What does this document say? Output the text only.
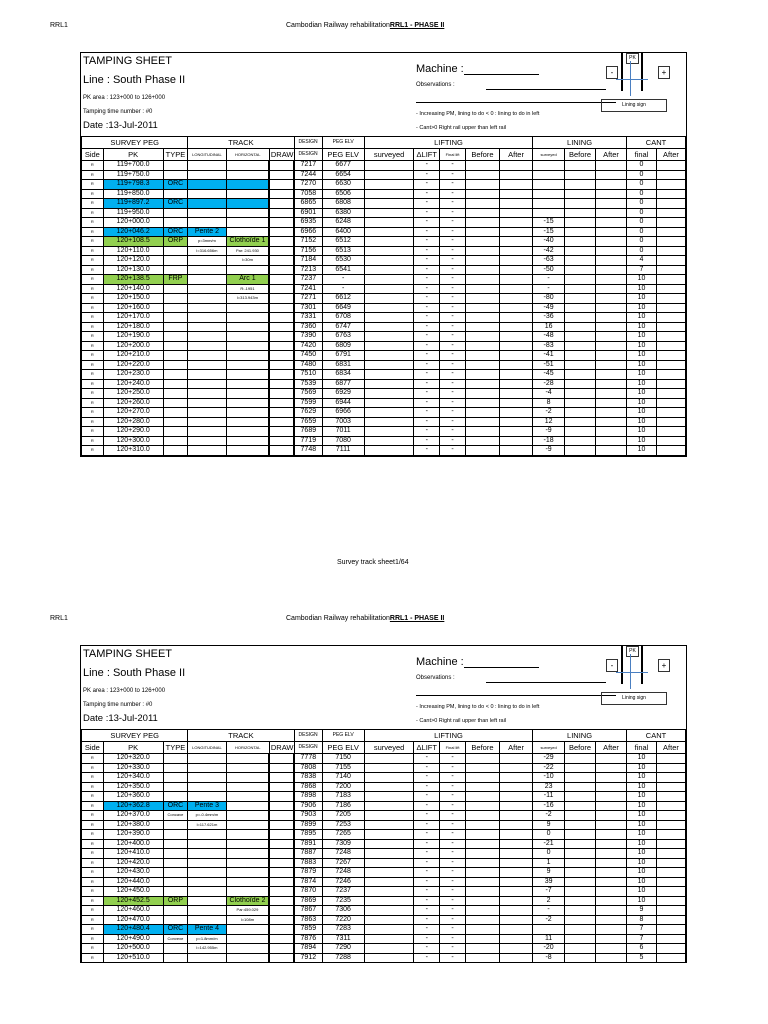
RRL1	Cambodian Railway rehabilitationRRL1 - PHASE II
TAMPING SHEET
Line : South Phase II
PK area : 123+000 to 126+000
Tamping time number : #0
Date :13-Jul-2011
Machine :
Observations :
- Increasing PM, lining to do < 0 : lining to do in left
- Cant>0 Right rail upper than left rail
-	+
PK
Lining sign
SURVEY PEG			TRACK			DESIGN	PEG ELV	LIFTING					LINING			CANT	
Side	PK	TYPE	LONGITUDINAL	HORIZONTAL	DRAW	DESIGN	PEG ELV	surveyed	ΔLIFT	Final lift	Before	After	surveyed	Before	After	final	After
R	119+700.0					7217	6677		-	-						0	
R	119+750.0					7244	6654		-	-						0	
R	119+798.3	ORC				7270	6630		-	-						0	
R	119+850.0					7058	6506		-	-						0	
R	119+897.2	ORC				6865	6808		-	-						0	
R	119+950.0					6901	6380		-	-						0	
R	120+000.0					6935	6248		-	-			-15			0	
R	120+046.2	ORC	Pente 2			6966	6400		-	-			-15			0	
R	120+108.5	ORP	p=3mm/m	Clothoïde 1		7152	6512		-	-			-40			0	
R	120+110.0		l=316.656m	Par: 241.930		7156	6513		-	-			-42			0	
R	120+120.0			l=30m		7184	6530		-	-			-63			4	
R	120+130.0					7213	6541		-	-			-50			7	
R	120+138.5	FRP		Arc 1		7237	-		-	-			-			10	
R	120+140.0			R:-1951		7241	-		-	-			-			10	
R	120+150.0			l=313.943m		7271	6612		-	-			-80			10	
R	120+160.0					7301	6649		-	-			-49			10	
R	120+170.0					7331	6708		-	-			-36			10	
R	120+180.0					7360	6747		-	-			16			10	
R	120+190.0					7390	6763		-	-			-48			10	
R	120+200.0					7420	6809		-	-			-83			10	
R	120+210.0					7450	6791		-	-			-41			10	
R	120+220.0					7480	6831		-	-			-51			10	
R	120+230.0					7510	6834		-	-			-45			10	
R	120+240.0					7539	6877		-	-			-28			10	
R	120+250.0					7569	6929		-	-			-4			10	
R	120+260.0					7599	6944		-	-			8			10	
R	120+270.0					7629	6966		-	-			-2			10	
R	120+280.0					7659	7003		-	-			12			10	
R	120+290.0					7689	7011		-	-			-9			10	
R	120+300.0					7719	7080		-	-			-18			10	
R	120+310.0					7748	7111		-	-			-9			10	
Survey track sheet1/64
RRL1	Cambodian Railway rehabilitationRRL1 - PHASE II
TAMPING SHEET
Line : South Phase II
PK area : 123+000 to 126+000
Tamping time number : #0
Date :13-Jul-2011
Machine :
Observations :
- Increasing PM, lining to do < 0 : lining to do in left
- Cant>0 Right rail upper than left rail
-	+
PK
Lining sign
SURVEY PEG			TRACK			DESIGN	PEG ELV	LIFTING					LINING			CANT	
Side	PK	TYPE	LONGITUDINAL	HORIZONTAL	DRAW	DESIGN	PEG ELV	surveyed	ΔLIFT	Final lift	Before	After	surveyed	Before	After	final	After
R	120+320.0					7778	7150		-	-			-29			10	
R	120+330.0					7808	7155		-	-			-22			10	
R	120+340.0					7838	7140		-	-			-10			10	
R	120+350.0					7868	7200		-	-			23			10	
R	120+360.0					7898	7183		-	-			-11			10	
R	120+362.8	ORC	Pente 3			7906	7186		-	-			-16			10	
R	120+370.0	Concave	p=-0.4mm/m			7903	7205		-	-			-2			10	
R	120+380.0		l=117.621m			7899	7253		-	-			9			10	
R	120+390.0					7895	7265		-	-			0			10	
R	120+400.0					7891	7309		-	-			-21			10	
R	120+410.0					7887	7248		-	-			0			10	
R	120+420.0					7883	7267		-	-			1			10	
R	120+430.0					7879	7248		-	-			9			10	
R	120+440.0					7874	7246		-	-			39			10	
R	120+450.0					7870	7237		-	-			-7			10	
R	120+452.5	ORP		Clothoïde 2		7869	7235		-	-			2			10	
R	120+460.0			Par:459.029		7867	7306		-	-			-			9	
R	120+470.0			l=108m		7863	7220		-	-			-2			8	
R	120+480.4	ORC	Pente 4			7859	7283		-	-						7	
R	120+490.0	Convexe	p=1.8mm/m			7876	7311		-	-			11			7	
R	120+500.0		l=142.955m			7894	7290		-	-			-20			6	
R	120+510.0					7912	7288		-	-			-8			5	
